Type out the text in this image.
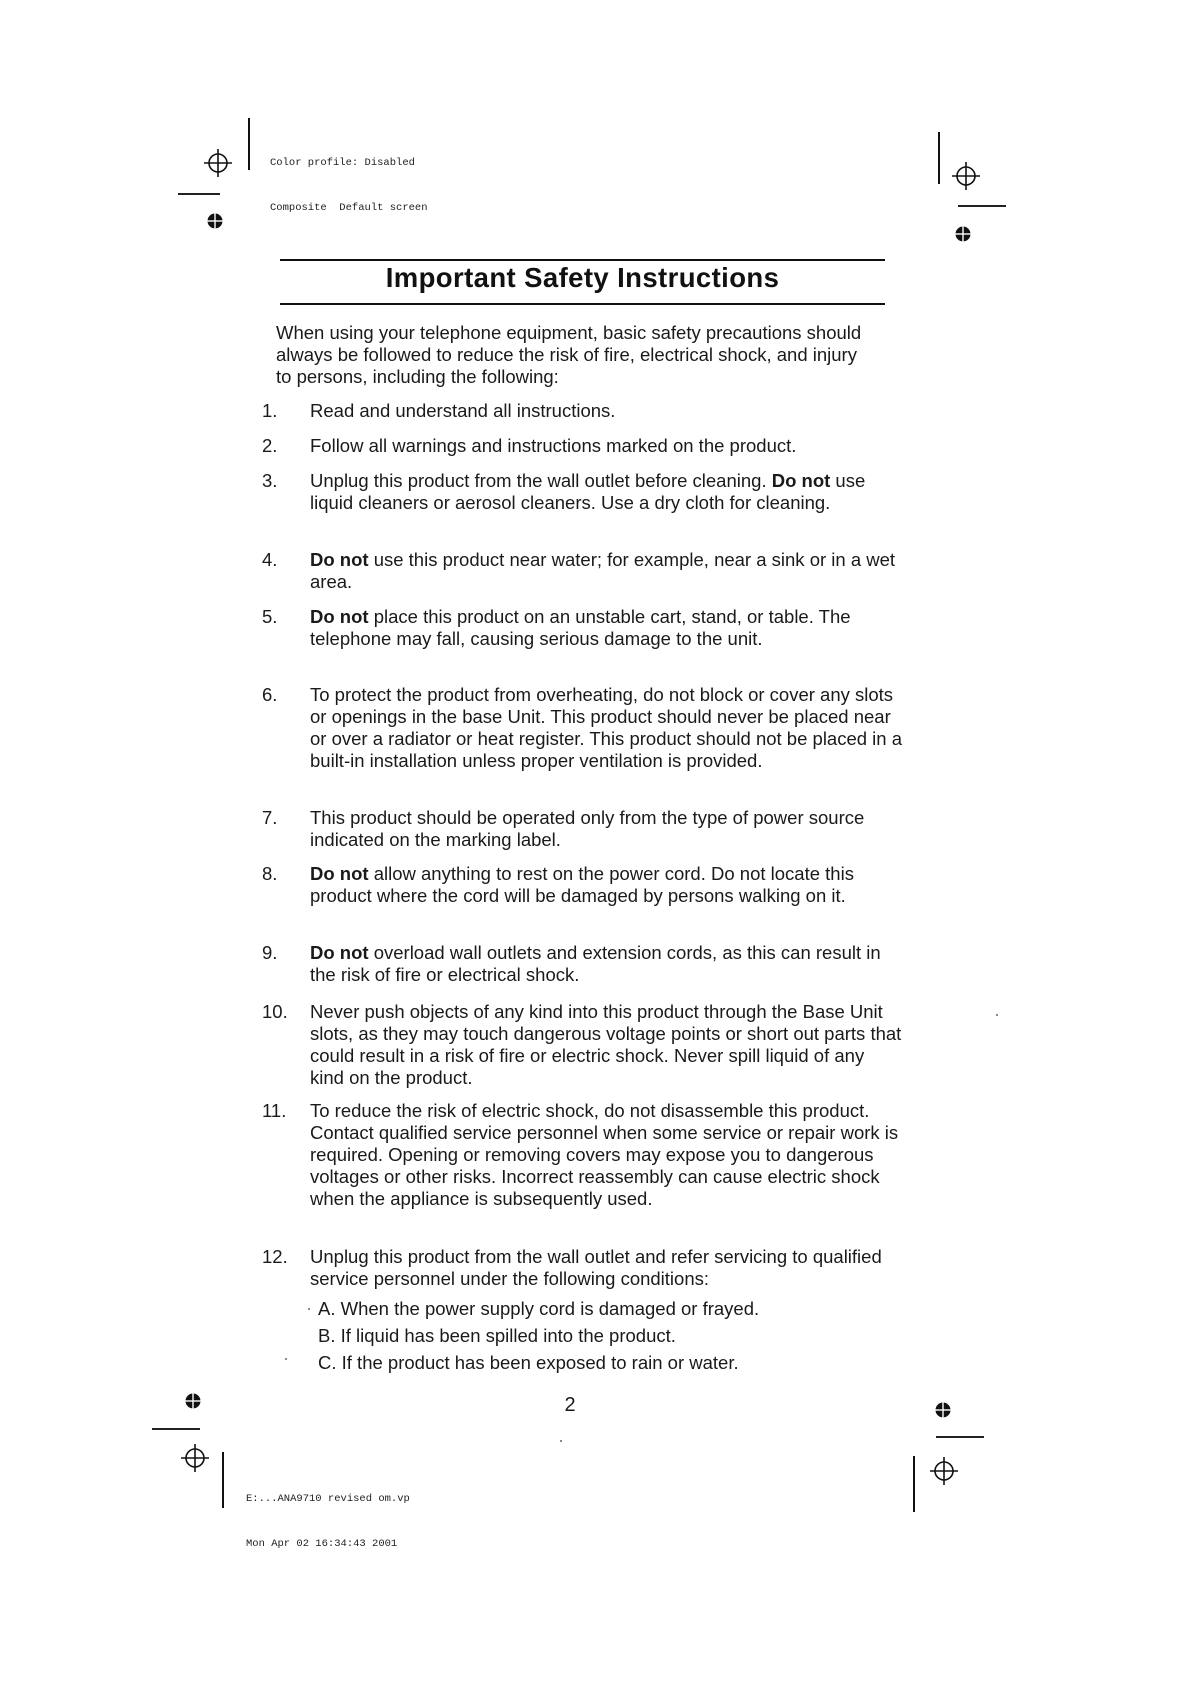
Color profile: Disabled

Composite  Default screen

E:...ANA9710 revised om.vp

Mon Apr 02 16:34:43 2001

Important Safety Instructions

When using your telephone equipment, basic safety precautions should always be followed to reduce the risk of fire, electrical shock, and injury to persons, including the following:

1. Read and understand all instructions.
2. Follow all warnings and instructions marked on the product.
3. Unplug this product from the wall outlet before cleaning. Do not use liquid cleaners or aerosol cleaners. Use a dry cloth for cleaning.
4. Do not use this product near water; for example, near a sink or in a wet area.
5. Do not place this product on an unstable cart, stand, or table. The telephone may fall, causing serious damage to the unit.
6. To protect the product from overheating, do not block or cover any slots or openings in the base Unit. This product should never be placed near or over a radiator or heat register. This product should not be placed in a built-in installation unless proper ventilation is provided.
7. This product should be operated only from the type of power source indicated on the marking label.
8. Do not allow anything to rest on the power cord. Do not locate this product where the cord will be damaged by persons walking on it.
9. Do not overload wall outlets and extension cords, as this can result in the risk of fire or electrical shock.
10. Never push objects of any kind into this product through the Base Unit slots, as they may touch dangerous voltage points or short out parts that could result in a risk of fire or electric shock. Never spill liquid of any kind on the product.
11. To reduce the risk of electric shock, do not disassemble this product. Contact qualified service personnel when some service or repair work is required. Opening or removing covers may expose you to dangerous voltages or other risks. Incorrect reassembly can cause electric shock when the appliance is subsequently used.
12. Unplug this product from the wall outlet and refer servicing to qualified service personnel under the following conditions:
A. When the power supply cord is damaged or frayed.
B. If liquid has been spilled into the product.
C. If the product has been exposed to rain or water.
2
